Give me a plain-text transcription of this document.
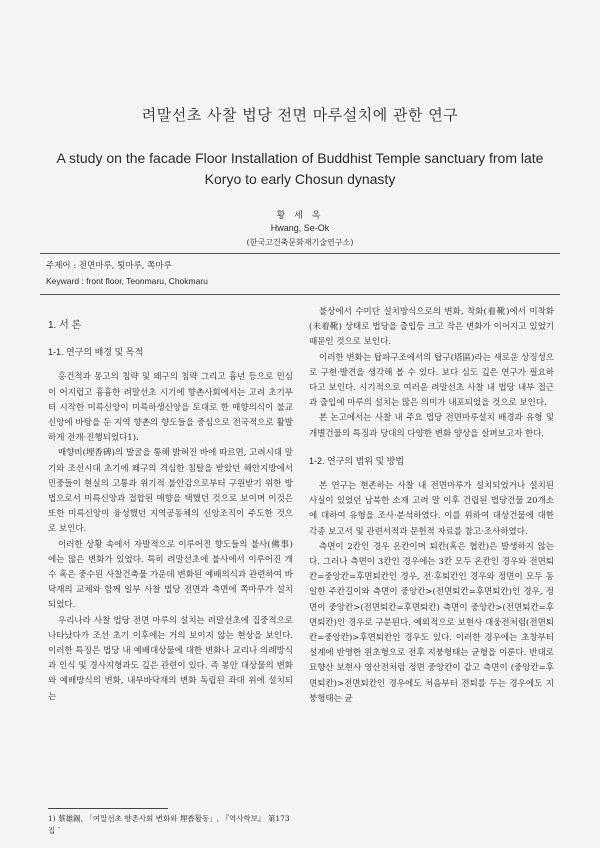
려말선초 사찰 법당 전면 마루설치에 관한 연구
A study on the facade Floor Installation of Buddhist Temple sanctuary from late Koryo to early Chosun dynasty
황 세 옥
Hwang, Se-Ok
(한국고건축문화재기술연구소)
주제어 : 전면마루, 툇마루, 쪽마루
Keyward : front floor, Teonmaru, Chokmaru
1. 서 론
1-1. 연구의 배경 및 목적

홍건적과 몽고의 침략 및 왜구의 침략 그리고 흉년 등으로 민심이 어지럽고 흉흉한 려말선초 시기에 향촌사회에서는 고려 초기부터 시작한 미륵신앙이 미륵하생신앙을 토대로 한 매향의식이 불교신앙에 바탕을 둔 지역 향촌의 향도들을 중심으로 전국적으로 활발하게 전개·진행되었다1).

매향비(埋香碑)의 발굴을 통해 밝혀진 바에 따르면, 고려시대 말기와 조선시대 초기에 왜구의 격심한 침탈을 받았던 해안지방에서 민중들이 현실의 고통과 위기적 불안감으로부터 구원받기 위한 방법으로서 미륵신앙과 접합된 매향을 택했던 것으로 보이며 이것은 또한 미륵신앙이 융성했던 지역공동체의 신앙조직이 주도한 것으로 보인다.

이러한 상황 속에서 자발적으로 이루어진 향도들의 불사(佛事)에는 많은 변화가 있었다. 특히 려말선초에 불사에서 이루어진 개수 혹은 중수된 사찰건축물 가운데 변화된 예배의식과 관련하여 바닥재의 교체와 함께 일부 사찰 법당 전면과 측면에 쪽마루가 설치되었다.

우리나라 사찰 법당 전면 마루의 설치는 려말선초에 집중적으로 나타났다가 조선 초기 이후에는 거의 보이지 않는 현상을 보인다. 이러한 특징은 법당 내 예배대상물에 대한 변화나 교리나 의례방식과 인식 및 경사지형과도 깊은 관련이 있다. 즉 봉안 대상물의 변화와 예배방식의 변화, 내부바닥재의 변화 독립된 좌대 위에 설치되는

1) 蔡雄錫, 「여말선초 향촌사회 변화와 埋香활동」, 『역사학보』 第173집 `

불상에서 수미단 설치방식으로의 변화, 착화(着靴)에서 미착화(未着靴) 상태로 법당을 출입등 크고 작은 변화가 이어지고 있었기 때문인 것으로 보인다.

이러한 변화는 탑파구조에서의 탑구(塔區)라는 새로운 상징성으로 구현·발견을 생각해 볼 수 있다. 보다 심도 깊은 연구가 필요하다고 보인다. 시기적으로 여러운 려말선초 사찰 내 법당 내부 접근과 출입에 마루의 설치는 많은 의미가 내포되었을 것으로 보인다.

본 논고에서는 사찰 내 주요 법당 전면마루설치 배경과 유형 및 개별건물의 특징과 당대의 다양한 변화 양상을 살펴보고자 한다.

1-2. 연구의 범위 및 방법

본 연구는 현존하는 사찰 내 전면마루가 설치되었거나 설치된 사실이 있었던 남북한 소재 고려 말 이후 건립된 법당건물 20개소에 대하여 유형을 조사·분석하였다. 이를 위하여 대상건물에 대한 각종 보고서 및 관련서적과 문헌적 자료를 참고·조사하였다.

측면이 2칸인 경우 온칸이며 퇴칸(혹은 협칸)은 발생하지 않는다. 그러나 측면이 3칸인 경우에는 3칸 모두 온칸인 경우와 전면퇴칸=중앙칸=후면퇴칸인 경우, 전·후퇴칸인 경우와 정면이 모두 동일한 주칸길이와 측면이 중앙칸>(전면퇴칸=후면퇴칸)인 경우, 정면이 중앙칸>(전면퇴칸=후면퇴칸) 측면이 중앙칸>(전면퇴칸=후면퇴칸)인 경우로 구분된다. 예외적으로 보현사 대웅전처럼(전면퇴칸=중앙칸)>후면퇴칸인 경우도 있다. 이러한 경우에는 초창부터 설계에 반영한 원초형으로 전후 지붕형태는 균형을 이룬다. 반대로 묘향산 보현사 영산전처럼 정면 중앙칸이 같고 측면이 (중앙칸=후면퇴칸)>전면퇴칸인 경우에도 처음부터 전퇴를 두는 경우에도 지붕형태는 균
